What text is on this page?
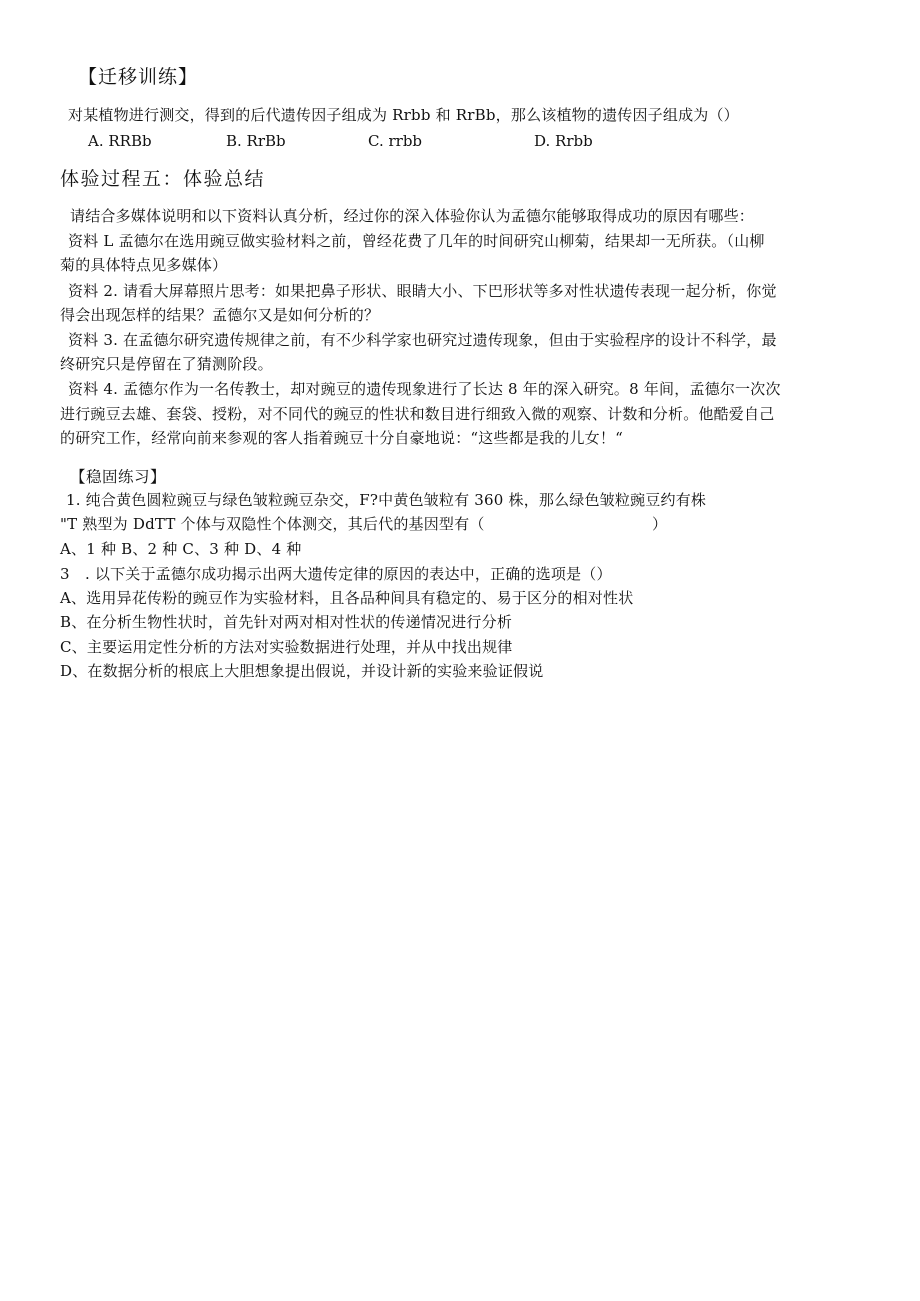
【迁移训练】
对某植物进行测交，得到的后代遗传因子组成为 Rrbb 和 RrBb，那么该植物的遗传因子组成为（）
A. RRBb	B. RrBb	C. rrbb	D. Rrbb
体验过程五：体验总结
请结合多媒体说明和以下资料认真分析，经过你的深入体验你认为孟德尔能够取得成功的原因有哪些：
资料 L 孟德尔在选用豌豆做实验材料之前，曾经花费了几年的时间研究山柳菊，结果却一无所获。（山柳
菊的具体特点见多媒体）
资料 2. 请看大屏幕照片思考：如果把鼻子形状、眼睛大小、下巴形状等多对性状遗传表现一起分析，你觉
得会出现怎样的结果？孟德尔又是如何分析的？
资料 3. 在孟德尔研究遗传规律之前，有不少科学家也研究过遗传现象，但由于实验程序的设计不科学，最
终研究只是停留在了猜测阶段。
资料 4. 孟德尔作为一名传教士，却对豌豆的遗传现象进行了长达 8 年的深入研究。8 年间，孟德尔一次次
进行豌豆去雄、套袋、授粉，对不同代的豌豆的性状和数目进行细致入微的观察、计数和分析。他酷爱自己
的研究工作，经常向前来参观的客人指着豌豆十分自豪地说：“这些都是我的儿女！“
【稳固练习】
1. 纯合黄色圆粒豌豆与绿色皱粒豌豆杂交，F?中黄色皱粒有 360 株，那么绿色皱粒豌豆约有株
"T 熟型为 DdTT 个体与双隐性个体测交，其后代的基因型有（	）
A、1 种 B、2 种 C、3 种 D、4 种
3　. 以下关于孟德尔成功揭示出两大遗传定律的原因的表达中，正确的选项是（）
A、选用异花传粉的豌豆作为实验材料，且各品种间具有稳定的、易于区分的相对性状
B、在分析生物性状时，首先针对两对相对性状的传递情况进行分析
C、主要运用定性分析的方法对实验数据进行处理，并从中找出规律
D、在数据分析的根底上大胆想象提出假说，并设计新的实验来验证假说
